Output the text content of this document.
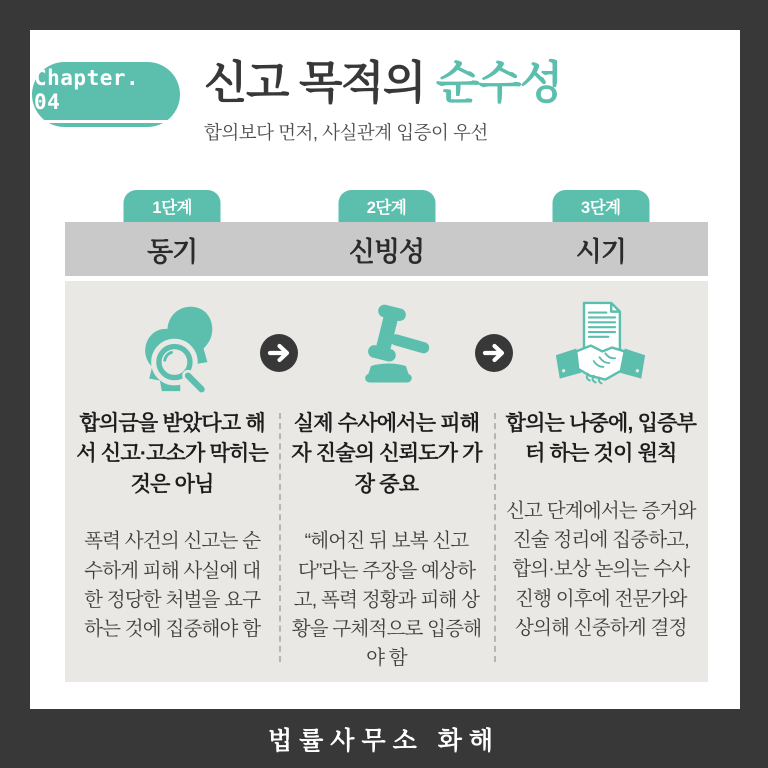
Chapter. 04	신고 목적의 순수성
합의보다 먼저, 사실관계 입증이 우선
1단계	2단계	3단계
동기	신빙성	시기
합의금을 받았다고 해서 신고·고소가 막히는 것은 아님
폭력 사건의 신고는 순수하게 피해 사실에 대한 정당한 처벌을 요구하는 것에 집중해야 함
실제 수사에서는 피해자 진술의 신뢰도가 가장 중요
“헤어진 뒤 보복 신고다”라는 주장을 예상하고, 폭력 정황과 피해 상황을 구체적으로 입증해야 함
합의는 나중에, 입증부터 하는 것이 원칙
신고 단계에서는 증거와 진술 정리에 집중하고, 합의·보상 논의는 수사 진행 이후에 전문가와 상의해 신중하게 결정
법률사무소 화해
